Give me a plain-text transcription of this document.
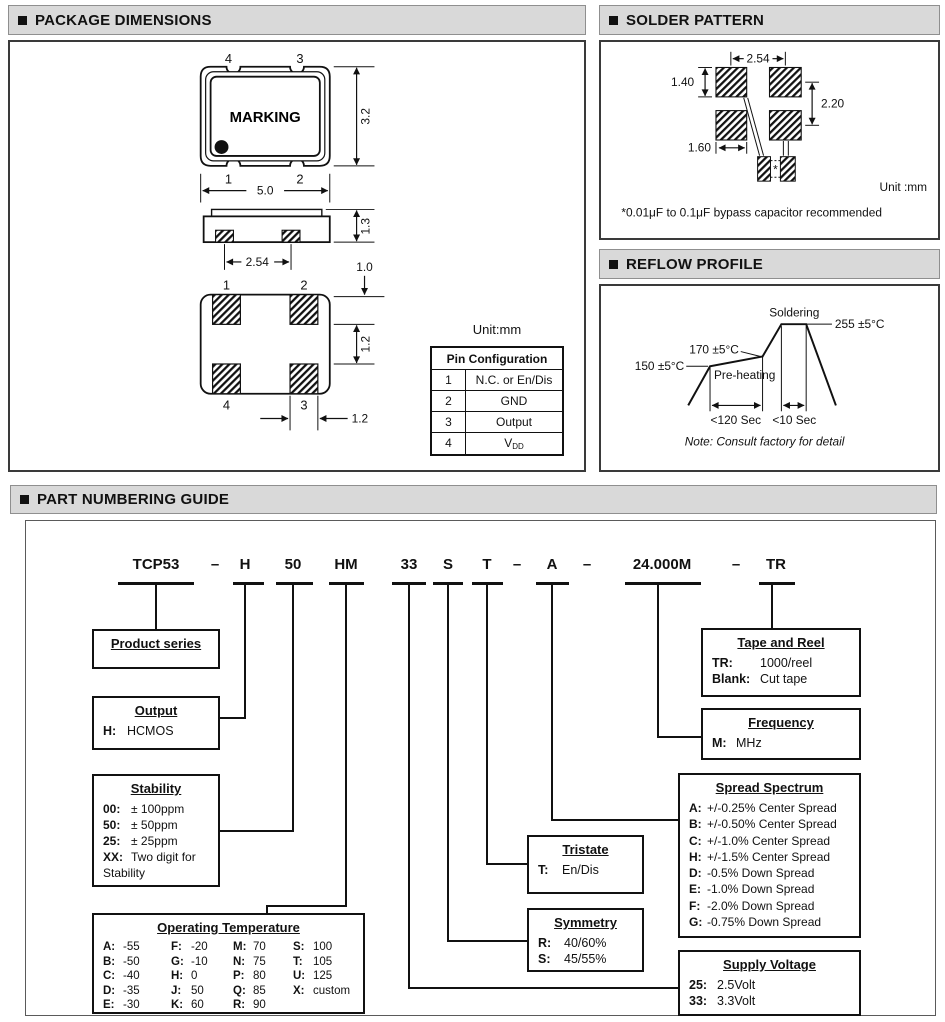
PACKAGE DIMENSIONS	SOLDER PATTERN
REFLOW PROFILE
PART NUMBERING GUIDE
4	3
1	2
MARKING	3.2
5.0
1.3
2.54	1.0
1	2
4	3
1.2
1.2
Unit:mm
Pin Configuration
1	N.C. or En/Dis
2	GND
3	Output
4	$V_{DD}$
2.54
1.40
2.20
1.60
*
Unit :mm
*0.01μF to 0.1μF bypass capacitor recommended
Soldering
255 ±5°C
170 ±5°C
150 ±5°C
Pre-heating
<120 Sec <10 Sec
Note: Consult factory for detail
TCP53 – H 50 HM	33 S T – A –	24.000M	– TR
Product series
Output
H: HCMOS
Stability
00: ± 100ppm
50: ± 50ppm
25: ± 25ppm
XX: Two digit for
Stability
Operating Temperature
A: -55
B: -50
C: -40
D: -35
E: -30
F: -20
G: -10
H: 0
J: 50
K: 60
M: 70
N: 75
P: 80
Q: 85
R: 90
S: 100
T: 105
U: 125
X: custom
Tristate
T: En/Dis
Symmetry
R: 40/60%
S: 45/55%
Spread Spectrum
A: +/-0.25% Center Spread
B: +/-0.50% Center Spread
C: +/-1.0% Center Spread
H: +/-1.5% Center Spread
D: -0.5% Down Spread
E: -1.0% Down Spread
F: -2.0% Down Spread
G: -0.75% Down Spread
Supply Voltage
25: 2.5Volt
33: 3.3Volt
Frequency
M: MHz
Tape and Reel
TR: 1000/reel
Blank: Cut tape
